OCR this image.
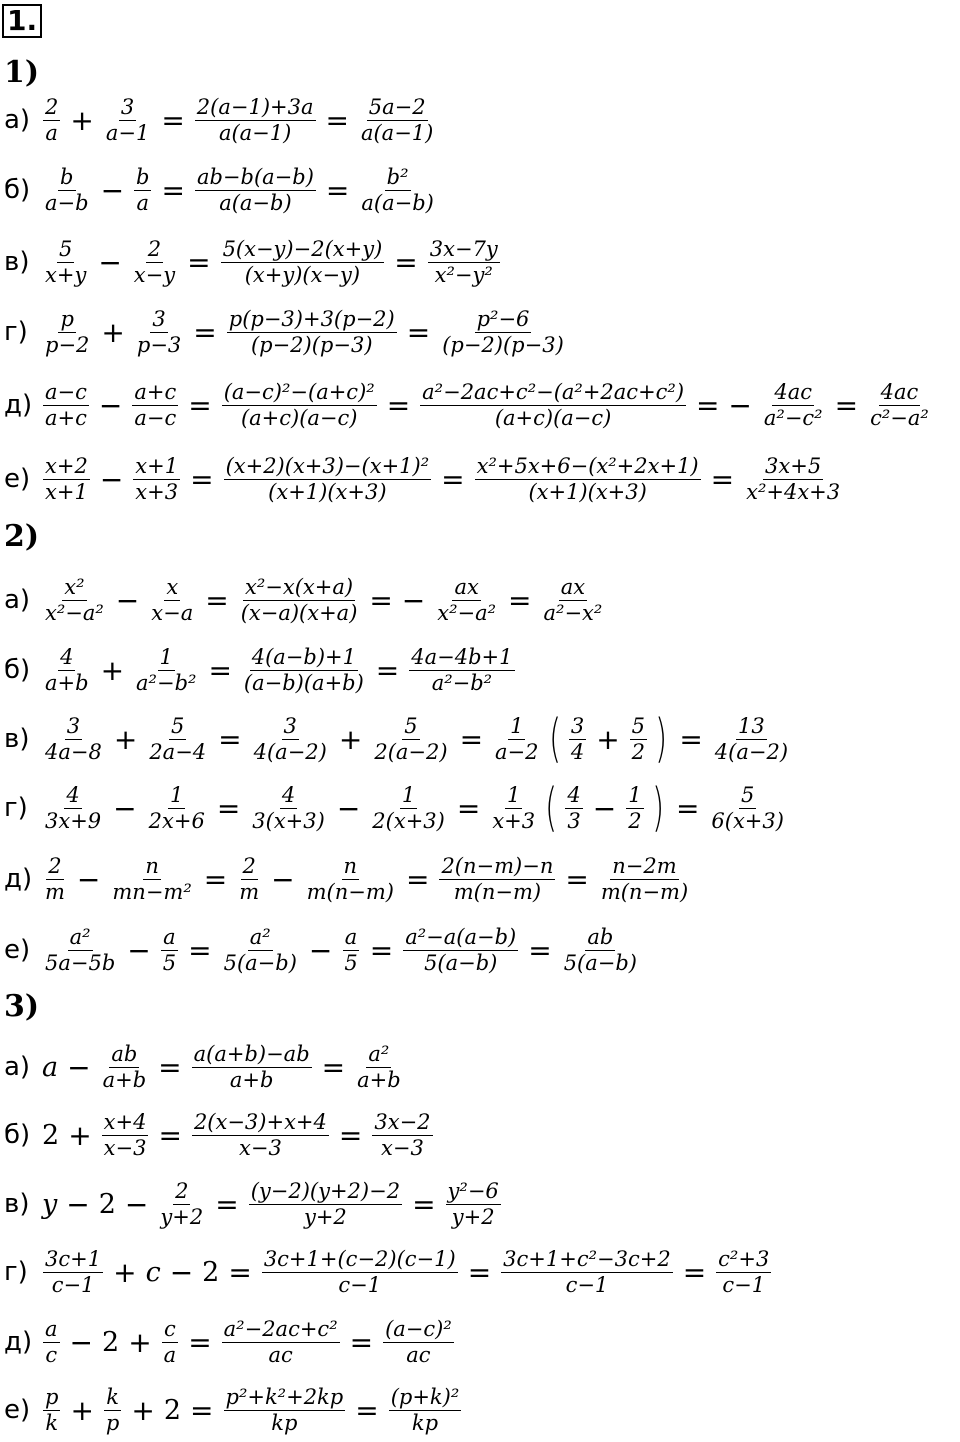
1.
1)
$а) \frac{2}{a} + \frac{3}{a-1} = \frac{2(a-1)+3a}{a(a-1)} = \frac{5a-2}{a(a-1)}$
$б) \frac{b}{a-b} - \frac{b}{a} = \frac{ab-b(a-b)}{a(a-b)} = \frac{\text{b²}}{a(a-b)}$
$в) \frac{5}{x+y} - \frac{2}{x-y} = \frac{5(x-y)-2(x+y)}{(x+y)(x-y)} = \frac{3x-7y}{\text{x²−y²}}$
$г) \frac{p}{p-2} + \frac{3}{p-3} = \frac{p(p-3)+3(p-2)}{(p-2)(p-3)} = \frac{\text{p²−6}}{(p-2)(p-3)}$
$д) \frac{a-c}{a+c} - \frac{a+c}{a-c} = \frac{\text{(a−c)²−(a+c)²}}{(a+c)(a-c)} = \frac{\text{a²−2ac+c²−(a²+2ac+c²)}}{(a+c)(a-c)}$ = − $\frac{4ac}{\text{a²−c²}} = \frac{4ac}{\text{c²−a²}}$
$е) \frac{x+2}{x+1} - \frac{x+1}{x+3} = \frac{\text{(x+2)(x+3)−(x+1)²}}{(x+1)(x+3)} = \frac{\text{x²+5x+6−(x²+2x+1)}}{(x+1)(x+3)} = \frac{3x+5}{\text{x²+4x+3}}$
2)
$а) \frac{\text{x²}}{\text{x²−a²}} - \frac{x}{x-a} = \frac{\text{x²−x(x+a)}}{(x-a)(x+a)}$ = − $\frac{ax}{\text{x²−a²}} = \frac{ax}{\text{a²−x²}}$
$б) \frac{4}{a+b} + \frac{1}{\text{a²−b²}} = \frac{4(a-b)+1}{(a-b)(a+b)} = \frac{4a-4b+1}{\text{a²−b²}}$
$в) \frac{3}{4a-8} + \frac{5}{2a-4} = \frac{3}{4(a-2)} + \frac{5}{2(a-2)} = \frac{1}{a-2}$ ( $\frac{3}{4} + \frac{5}{2}$ ) = $\frac{13}{4(a-2)}$
$г) \frac{4}{3x+9} - \frac{1}{2x+6} = \frac{4}{3(x+3)} - \frac{1}{2(x+3)} = \frac{1}{x+3}$ ( $\frac{4}{3} - \frac{1}{2}$ ) = $\frac{5}{6(x+3)}$
$д) \frac{2}{m} - \frac{n}{\text{mn−m²}} = \frac{2}{m} - \frac{n}{m(n-m)} = \frac{2(n-m)-n}{m(n-m)} = \frac{n-2m}{m(n-m)}$
$е) \frac{\text{a²}}{5a-5b} - \frac{a}{5} = \frac{\text{a²}}{5(a-b)} - \frac{a}{5} = \frac{\text{a²−a(a−b)}}{5(a-b)} = \frac{ab}{5(a-b)}$
3)
а) $a - \frac{ab}{a+b} = \frac{a(a+b)-ab}{a+b} = \frac{\text{a²}}{a+b}$
б) $2 + \frac{x+4}{x-3} = \frac{2(x-3)+x+4}{x-3} = \frac{3x-2}{x-3}$
в) $y - 2 - \frac{2}{y+2} = \frac{(y-2)(y+2)-2}{y+2} = \frac{\text{y²−6}}{y+2}$
$г) \frac{3c+1}{c-1} + c - 2 = \frac{3c+1+(c-2)(c-1)}{c-1} = \frac{\text{3c+1+c²−3c+2}}{c-1} = \frac{\text{c²+3}}{c-1}$
$д) \frac{a}{c} - 2 + \frac{c}{a} = \frac{\text{a²−2ac+c²}}{ac} = \frac{\text{(a−c)²}}{ac}$
$е) \frac{p}{k} + \frac{k}{p} + 2 = \frac{\text{p²+k²+2kp}}{kp} = \frac{\text{(p+k)²}}{kp}$
